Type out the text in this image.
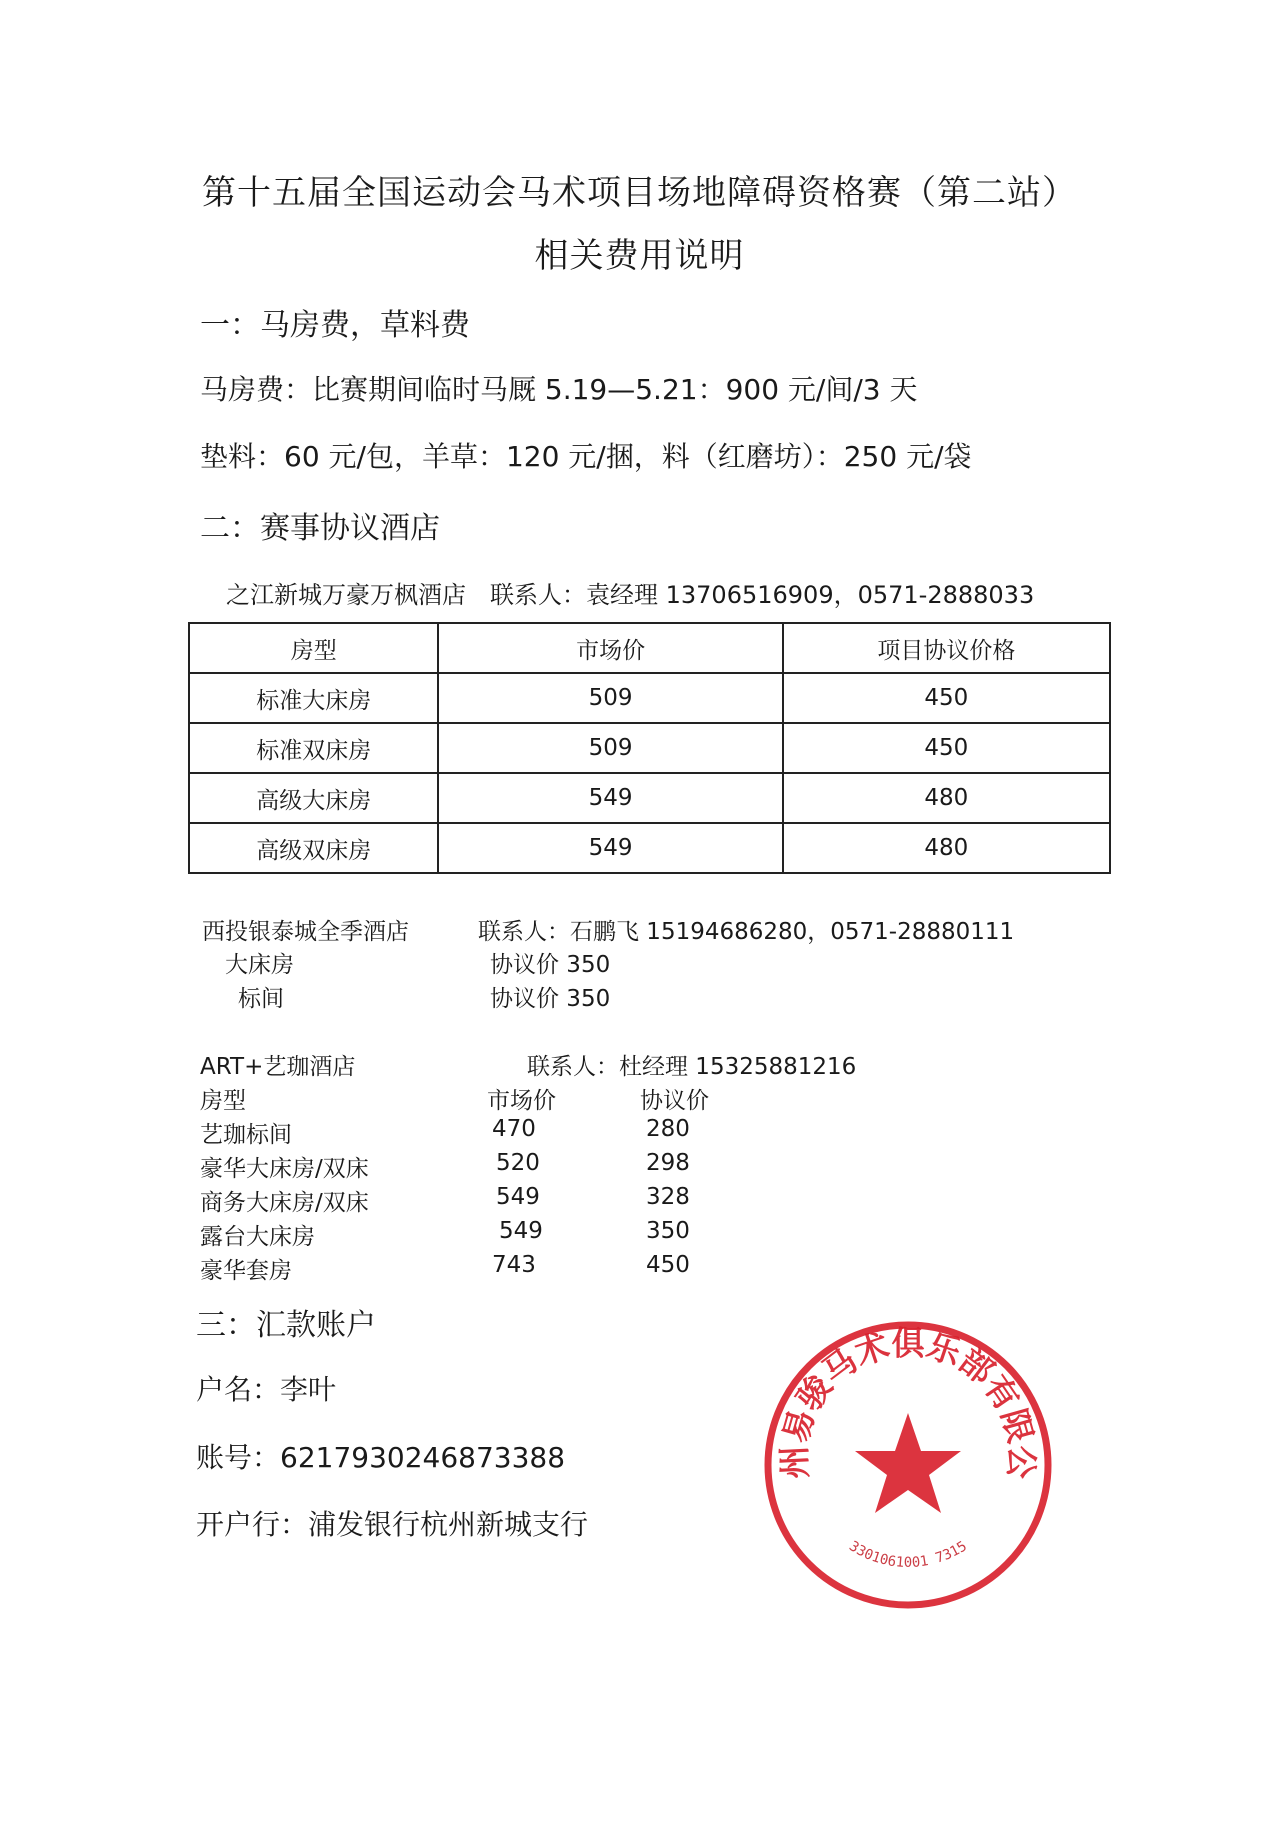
第十五届全国运动会马术项目场地障碍资格赛（第二站）
相关费用说明
一：马房费，草料费
马房费：比赛期间临时马厩 5.19—5.21：900 元/间/3 天
垫料：60 元/包，羊草：120 元/捆，料（红磨坊）：250 元/袋
二：赛事协议酒店
之江新城万豪万枫酒店　联系人：袁经理 13706516909，0571-2888033
房型	市场价	项目协议价格
标准大床房	509	450
标准双床房	509	450
高级大床房	549	480
高级双床房	549	480
西投银泰城全季酒店	联系人：石鹏飞 15194686280，0571-28880111
大床房	协议价 350
标间	协议价 350
ART+艺珈酒店	联系人：杜经理 15325881216
房型	市场价	协议价
艺珈标间	470	280
豪华大床房/双床	520	298
商务大床房/双床	549	328
露台大床房	549	350
豪华套房	743	450
三：汇款账户
户名：李叶
账号：6217930246873388
开户行：浦发银行杭州新城支行
州易骏马术俱乐部有限公
3301061001 7315
